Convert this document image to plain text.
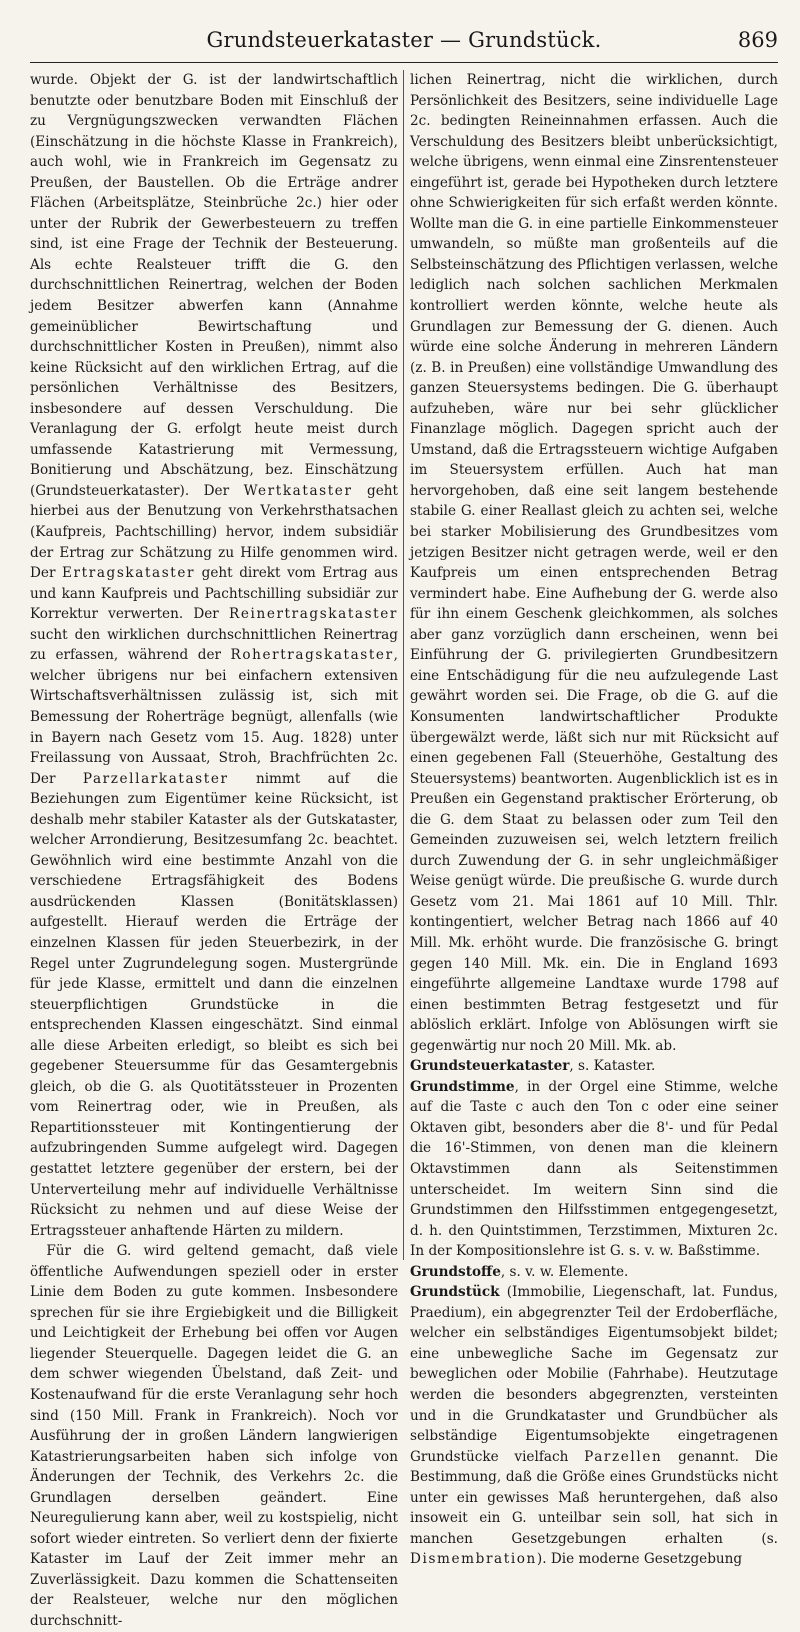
Grundsteuerkataster — Grundstück.	869

wurde. Objekt der G. ist der landwirtschaftlich benutzte oder benutzbare Boden mit Einschluß der zu Vergnügungszwecken verwandten Flächen (Einschätzung in die höchste Klasse in Frankreich), auch wohl, wie in Frankreich im Gegensatz zu Preußen, der Baustellen. Ob die Erträge andrer Flächen (Arbeitsplätze, Steinbrüche 2c.) hier oder unter der Rubrik der Gewerbesteuern zu treffen sind, ist eine Frage der Technik der Besteuerung. Als echte Realsteuer trifft die G. den durchschnittlichen Reinertrag, welchen der Boden jedem Besitzer abwerfen kann (Annahme gemeinüblicher Bewirtschaftung und durchschnittlicher Kosten in Preußen), nimmt also keine Rücksicht auf den wirklichen Ertrag, auf die persönlichen Verhältnisse des Besitzers, insbesondere auf dessen Verschuldung. Die Veranlagung der G. erfolgt heute meist durch umfassende Katastrierung mit Vermessung, Bonitierung und Abschätzung, bez. Einschätzung (Grundsteuerkataster). Der Wertkataster geht hierbei aus der Benutzung von Verkehrsthatsachen (Kaufpreis, Pachtschilling) hervor, indem subsidiär der Ertrag zur Schätzung zu Hilfe genommen wird. Der Ertragskataster geht direkt vom Ertrag aus und kann Kaufpreis und Pachtschilling subsidiär zur Korrektur verwerten. Der Reinertragskataster sucht den wirklichen durchschnittlichen Reinertrag zu erfassen, während der Rohertragskataster, welcher übrigens nur bei einfachern extensiven Wirtschaftsverhältnissen zulässig ist, sich mit Bemessung der Roherträge begnügt, allenfalls (wie in Bayern nach Gesetz vom 15. Aug. 1828) unter Freilassung von Aussaat, Stroh, Brachfrüchten 2c. Der Parzellarkataster nimmt auf die Beziehungen zum Eigentümer keine Rücksicht, ist deshalb mehr stabiler Kataster als der Gutskataster, welcher Arrondierung, Besitzesumfang 2c. beachtet. Gewöhnlich wird eine bestimmte Anzahl von die verschiedene Ertragsfähigkeit des Bodens ausdrückenden Klassen (Bonitätsklassen) aufgestellt. Hierauf werden die Erträge der einzelnen Klassen für jeden Steuerbezirk, in der Regel unter Zugrundelegung sogen. Mustergründe für jede Klasse, ermittelt und dann die einzelnen steuerpflichtigen Grundstücke in die entsprechenden Klassen eingeschätzt. Sind einmal alle diese Arbeiten erledigt, so bleibt es sich bei gegebener Steuersumme für das Gesamtergebnis gleich, ob die G. als Quotitätssteuer in Prozenten vom Reinertrag oder, wie in Preußen, als Repartitionssteuer mit Kontingentierung der aufzubringenden Summe aufgelegt wird. Dagegen gestattet letztere gegenüber der erstern, bei der Unterverteilung mehr auf individuelle Verhältnisse Rücksicht zu nehmen und auf diese Weise der Ertragssteuer anhaftende Härten zu mildern.

Für die G. wird geltend gemacht, daß viele öffentliche Aufwendungen speziell oder in erster Linie dem Boden zu gute kommen. Insbesondere sprechen für sie ihre Ergiebigkeit und die Billigkeit und Leichtigkeit der Erhebung bei offen vor Augen liegender Steuerquelle. Dagegen leidet die G. an dem schwer wiegenden Übelstand, daß Zeit- und Kostenaufwand für die erste Veranlagung sehr hoch sind (150 Mill. Frank in Frankreich). Noch vor Ausführung der in großen Ländern langwierigen Katastrierungsarbeiten haben sich infolge von Änderungen der Technik, des Verkehrs 2c. die Grundlagen derselben geändert. Eine Neuregulierung kann aber, weil zu kostspielig, nicht sofort wieder eintreten. So verliert denn der fixierte Kataster im Lauf der Zeit immer mehr an Zuverlässigkeit. Dazu kommen die Schattenseiten der Realsteuer, welche nur den möglichen durchschnitt-

lichen Reinertrag, nicht die wirklichen, durch Persönlichkeit des Besitzers, seine individuelle Lage 2c. bedingten Reineinnahmen erfassen. Auch die Verschuldung des Besitzers bleibt unberücksichtigt, welche übrigens, wenn einmal eine Zinsrentensteuer eingeführt ist, gerade bei Hypotheken durch letztere ohne Schwierigkeiten für sich erfaßt werden könnte. Wollte man die G. in eine partielle Einkommensteuer umwandeln, so müßte man großenteils auf die Selbsteinschätzung des Pflichtigen verlassen, welche lediglich nach solchen sachlichen Merkmalen kontrolliert werden könnte, welche heute als Grundlagen zur Bemessung der G. dienen. Auch würde eine solche Änderung in mehreren Ländern (z. B. in Preußen) eine vollständige Umwandlung des ganzen Steuersystems bedingen. Die G. überhaupt aufzuheben, wäre nur bei sehr glücklicher Finanzlage möglich. Dagegen spricht auch der Umstand, daß die Ertragssteuern wichtige Aufgaben im Steuersystem erfüllen. Auch hat man hervorgehoben, daß eine seit langem bestehende stabile G. einer Reallast gleich zu achten sei, welche bei starker Mobilisierung des Grundbesitzes vom jetzigen Besitzer nicht getragen werde, weil er den Kaufpreis um einen entsprechenden Betrag vermindert habe. Eine Aufhebung der G. werde also für ihn einem Geschenk gleichkommen, als solches aber ganz vorzüglich dann erscheinen, wenn bei Einführung der G. privilegierten Grundbesitzern eine Entschädigung für die neu aufzulegende Last gewährt worden sei. Die Frage, ob die G. auf die Konsumenten landwirtschaftlicher Produkte übergewälzt werde, läßt sich nur mit Rücksicht auf einen gegebenen Fall (Steuerhöhe, Gestaltung des Steuersystems) beantworten. Augenblicklich ist es in Preußen ein Gegenstand praktischer Erörterung, ob die G. dem Staat zu belassen oder zum Teil den Gemeinden zuzuweisen sei, welch letztern freilich durch Zuwendung der G. in sehr ungleichmäßiger Weise genügt würde. Die preußische G. wurde durch Gesetz vom 21. Mai 1861 auf 10 Mill. Thlr. kontingentiert, welcher Betrag nach 1866 auf 40 Mill. Mk. erhöht wurde. Die französische G. bringt gegen 140 Mill. Mk. ein. Die in England 1693 eingeführte allgemeine Landtaxe wurde 1798 auf einen bestimmten Betrag festgesetzt und für ablöslich erklärt. Infolge von Ablösungen wirft sie gegenwärtig nur noch 20 Mill. Mk. ab.

Grundsteuerkataster, s. Kataster.

Grundstimme, in der Orgel eine Stimme, welche auf die Taste c auch den Ton c oder eine seiner Oktaven gibt, besonders aber die 8'- und für Pedal die 16'-Stimmen, von denen man die kleinern Oktavstimmen dann als Seitenstimmen unterscheidet. Im weitern Sinn sind die Grundstimmen den Hilfsstimmen entgegengesetzt, d. h. den Quintstimmen, Terzstimmen, Mixturen 2c. In der Kompositionslehre ist G. s. v. w. Baßstimme.

Grundstoffe, s. v. w. Elemente.

Grundstück (Immobilie, Liegenschaft, lat. Fundus, Praedium), ein abgegrenzter Teil der Erdoberfläche, welcher ein selbständiges Eigentumsobjekt bildet; eine unbewegliche Sache im Gegensatz zur beweglichen oder Mobilie (Fahrhabe). Heutzutage werden die besonders abgegrenzten, versteinten und in die Grundkataster und Grundbücher als selbständige Eigentumsobjekte eingetragenen Grundstücke vielfach Parzellen genannt. Die Bestimmung, daß die Größe eines Grundstücks nicht unter ein gewisses Maß heruntergehen, daß also insoweit ein G. unteilbar sein soll, hat sich in manchen Gesetzgebungen erhalten (s. Dismembration). Die moderne Gesetzgebung
